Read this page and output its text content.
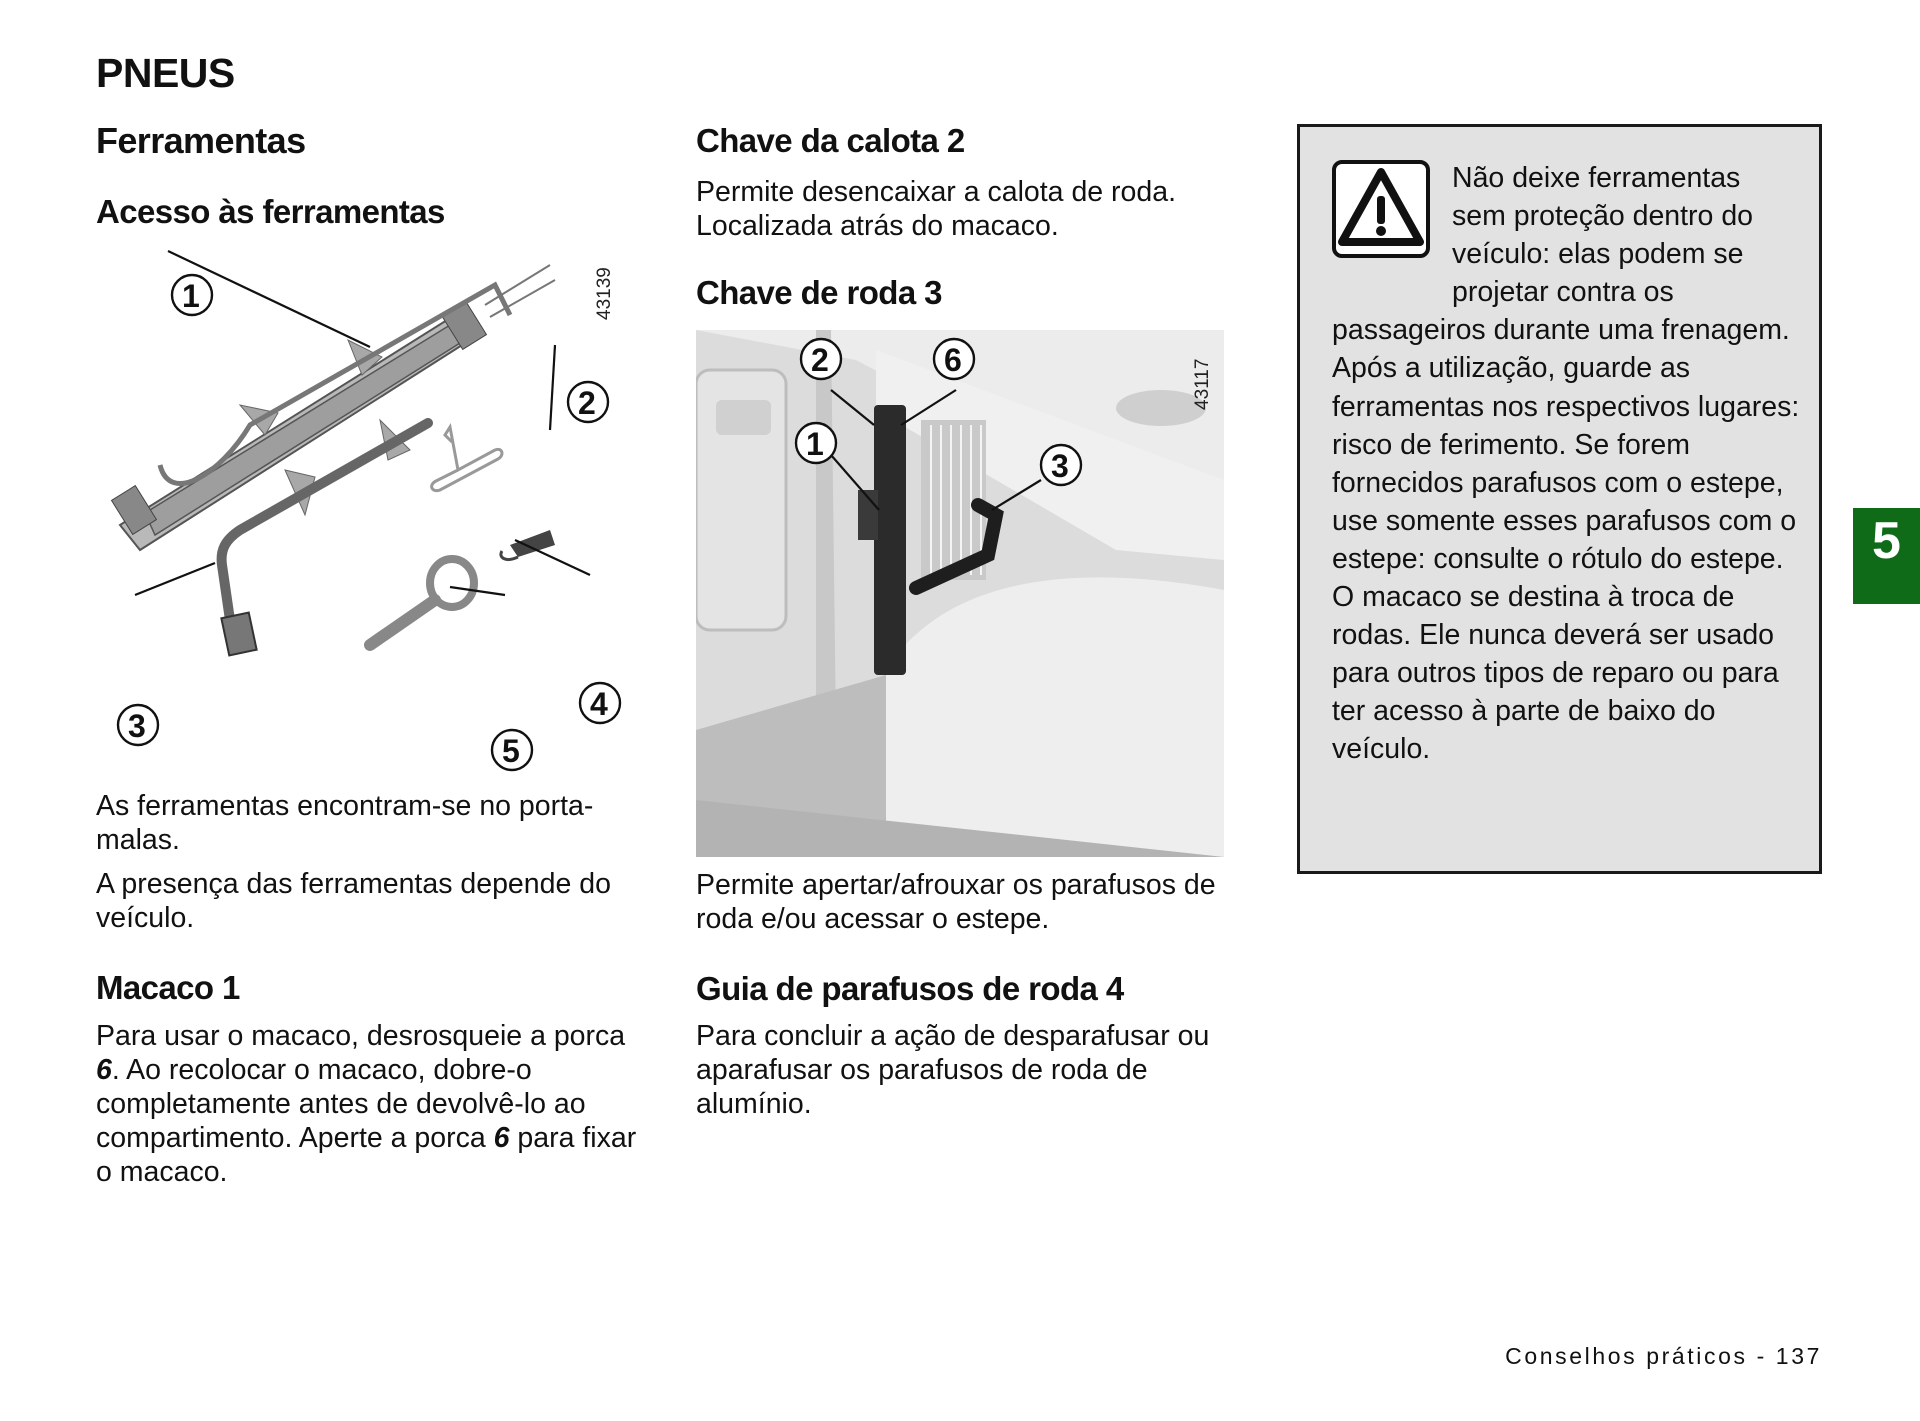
PNEUS
Ferramentas
Acesso às ferramentas
43139
1
2
3
4
5
As ferramentas encontram-se no porta-malas.
A presença das ferramentas depende do veículo.
Macaco 1
Para usar o macaco, desrosqueie a porca 6. Ao recolocar o macaco, dobre-o completamente antes de devolvê-lo ao compartimento. Aperte a porca 6 para fixar o macaco.
Chave da calota 2
Permite desencaixar a calota de roda. Localizada atrás do macaco.
Chave de roda 3
43117
2	6
1
3
Permite apertar/afrouxar os parafusos de roda e/ou acessar o estepe.
Guia de parafusos de roda 4
Para concluir a ação de desparafusar ou aparafusar os parafusos de roda de alumínio.
Não deixe ferramentas sem proteção dentro do veículo: elas podem se projetar contra os passageiros durante uma frenagem. Após a utilização, guarde as ferramentas nos respectivos lugares: risco de ferimento. Se forem fornecidos parafusos com o estepe, use somente esses parafusos com o estepe: consulte o rótulo do estepe.
O macaco se destina à troca de rodas. Ele nunca deverá ser usado para outros tipos de reparo ou para ter acesso à parte de baixo do veículo.
5
Conselhos práticos - 137
